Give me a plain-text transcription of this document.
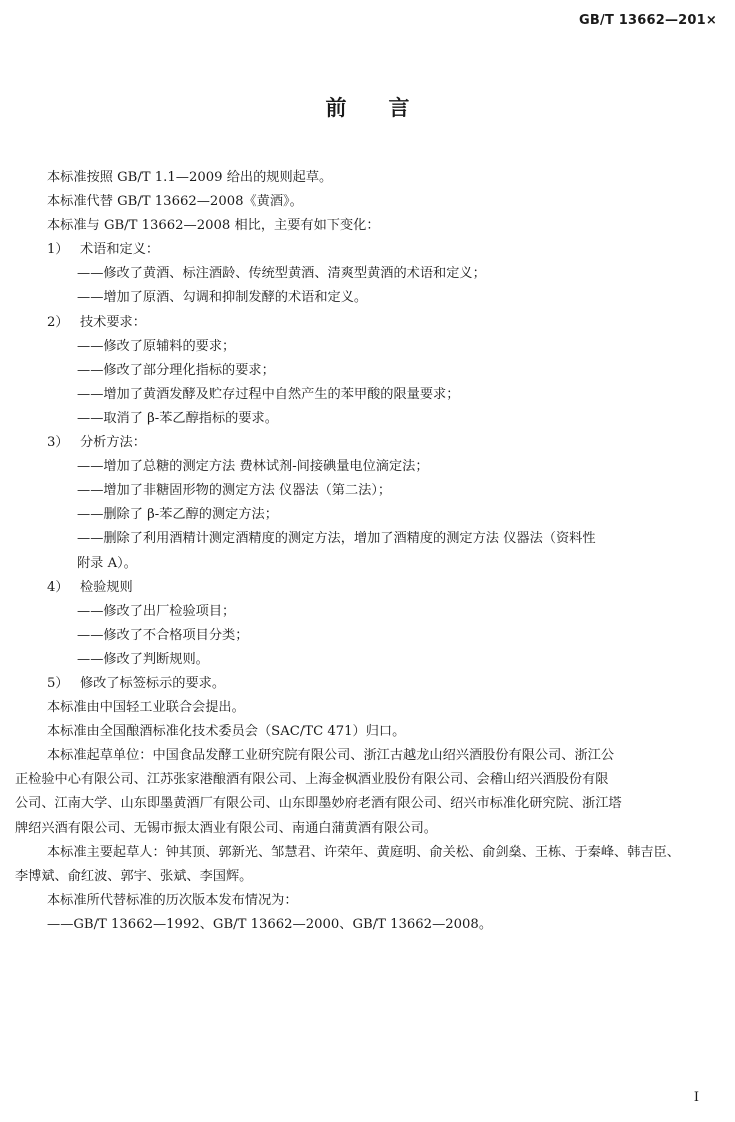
GB/T 13662—201×
前言
本标准按照 GB/T 1.1—2009 给出的规则起草。
本标准代替 GB/T 13662—2008《黄酒》。
本标准与 GB/T 13662—2008 相比，主要有如下变化：
1） 术语和定义：
——修改了黄酒、标注酒龄、传统型黄酒、清爽型黄酒的术语和定义；
——增加了原酒、勾调和抑制发酵的术语和定义。
2） 技术要求：
——修改了原辅料的要求；
——修改了部分理化指标的要求；
——增加了黄酒发酵及贮存过程中自然产生的苯甲酸的限量要求；
——取消了 β-苯乙醇指标的要求。
3） 分析方法：
——增加了总糖的测定方法 费林试剂-间接碘量电位滴定法；
——增加了非糖固形物的测定方法 仪器法（第二法）；
——删除了 β-苯乙醇的测定方法；
——删除了利用酒精计测定酒精度的测定方法，增加了酒精度的测定方法 仪器法（资料性
附录 A）。
4） 检验规则
——修改了出厂检验项目；
——修改了不合格项目分类；
——修改了判断规则。
5） 修改了标签标示的要求。
本标准由中国轻工业联合会提出。
本标准由全国酿酒标准化技术委员会（SAC/TC 471）归口。
本标准起草单位：中国食品发酵工业研究院有限公司、浙江古越龙山绍兴酒股份有限公司、浙江公
正检验中心有限公司、江苏张家港酿酒有限公司、上海金枫酒业股份有限公司、会稽山绍兴酒股份有限
公司、江南大学、山东即墨黄酒厂有限公司、山东即墨妙府老酒有限公司、绍兴市标准化研究院、浙江塔
牌绍兴酒有限公司、无锡市振太酒业有限公司、南通白蒲黄酒有限公司。
本标准主要起草人：钟其顶、郭新光、邹慧君、许荣年、黄庭明、俞关松、俞剑燊、王栋、于秦峰、韩吉臣、
李博斌、俞红波、郭宇、张斌、李国辉。
本标准所代替标准的历次版本发布情况为：
——GB/T 13662—1992、GB/T 13662—2000、GB/T 13662—2008。
Ⅰ
